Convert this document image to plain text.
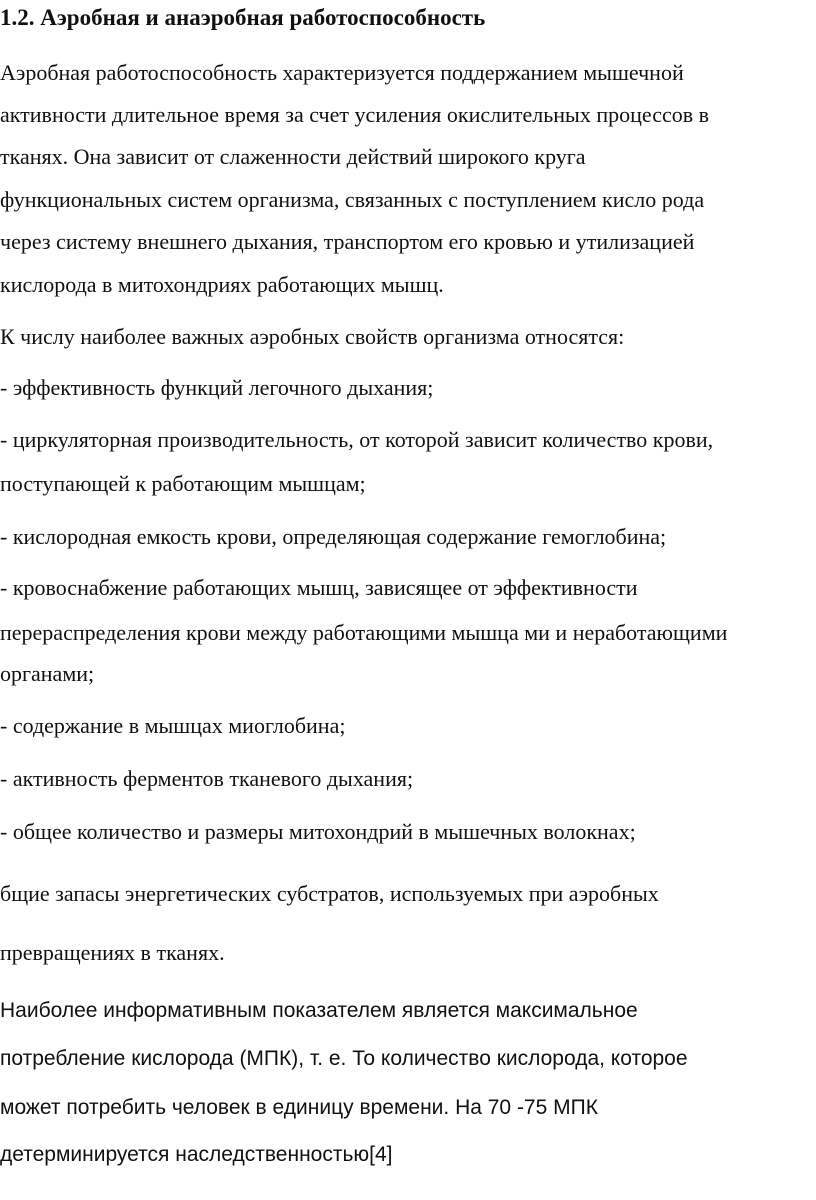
1.2. Аэробная и анаэробная работоспособность

Аэробная работоспособность характеризуется поддержанием мышечной

активности длительное время за счет усиления окислительных процессов в

тканях. Она зависит от слаженности действий широкого круга

функциональных систем организма, связанных с поступлением кисло рода

через систему внешнего дыхания, транспортом его кровью и утилизацией

кислорода в митохондриях работающих мышц.

К числу наиболее важных аэробных свойств организма относятся:

- эффективность функций легочного дыхания;

- циркуляторная производительность, от которой зависит количество крови,

поступающей к работающим мышцам;

- кислородная емкость крови, определяющая содержание гемоглобина;

- кровоснабжение работающих мышц, зависящее от эффективности

перераспределения крови между работающими мышца ми и неработающими

органами;

- содержание в мышцах миоглобина;

- активность ферментов тканевого дыхания;

- общее количество и размеры митохондрий в мышечных волокнах;

бщие запасы энергетических субстратов, используемых при аэробных

превращениях в тканях.

Наиболее информативным показателем является максимальное

потребление кислорода (МПК), т. е. То количество кислорода, которое

может потребить человек в единицу времени. На 70 -75 МПК

детерминируется наследственностью[4]
